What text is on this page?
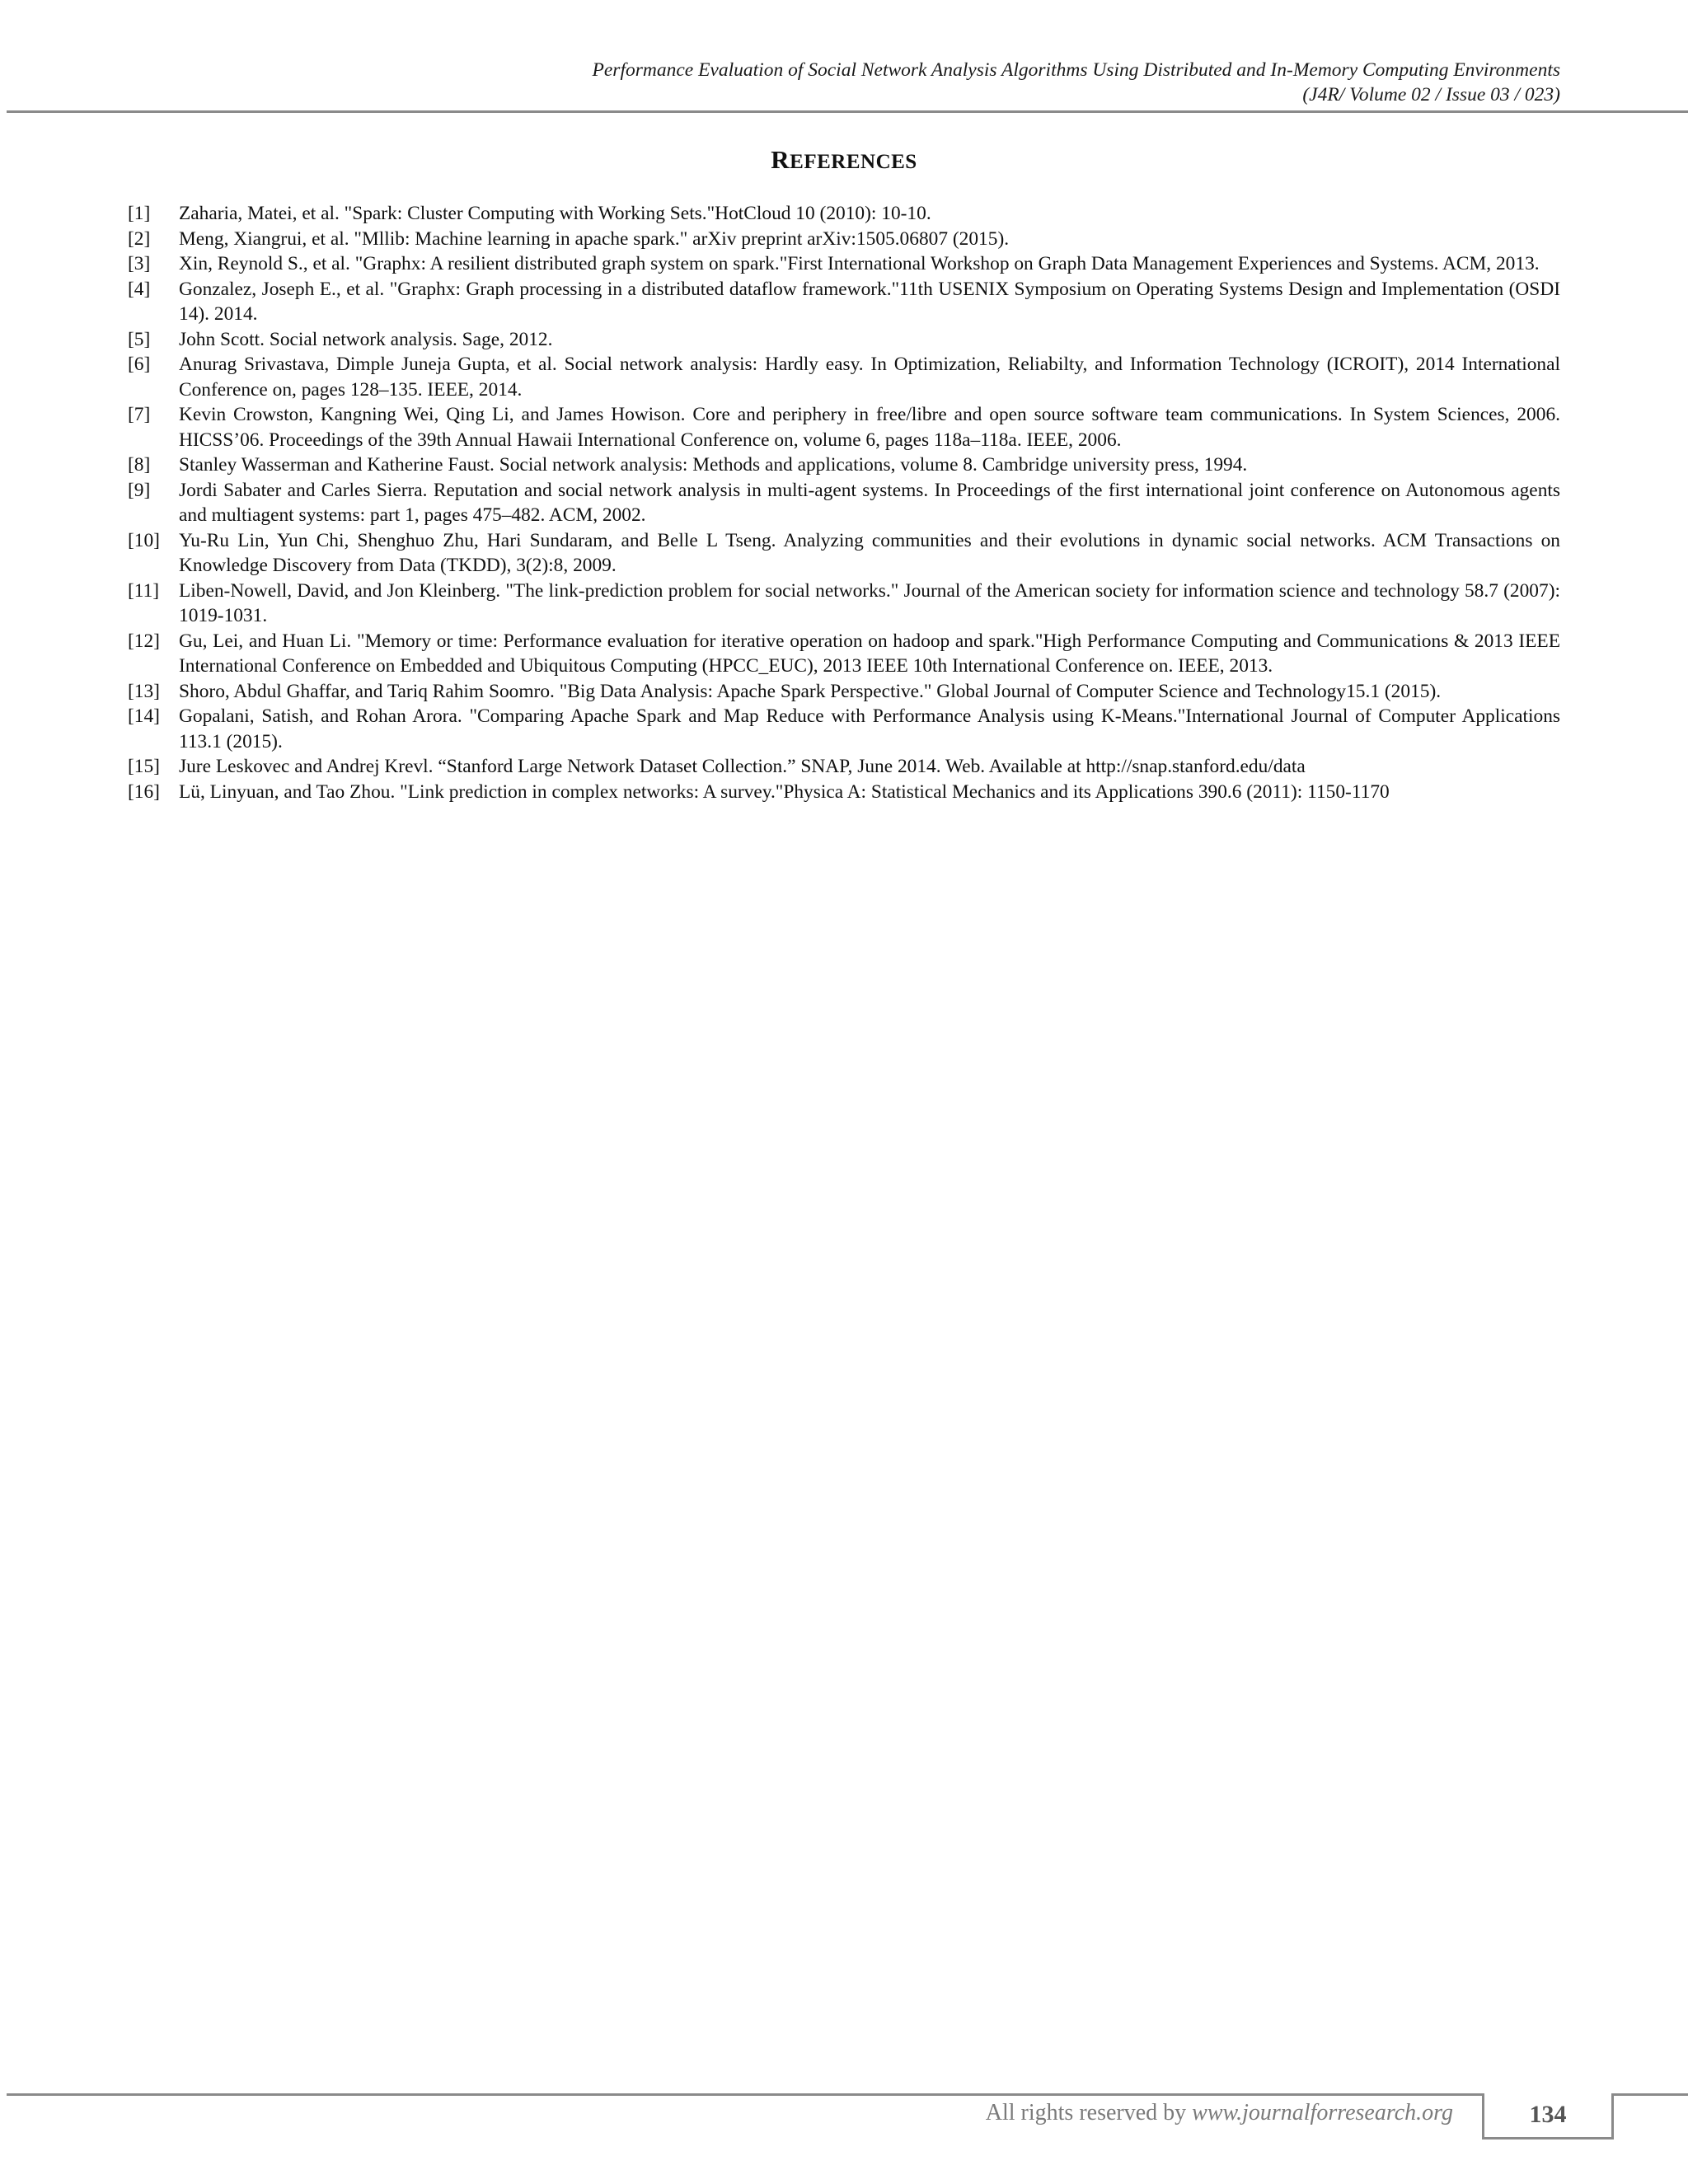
Performance Evaluation of Social Network Analysis Algorithms Using Distributed and In-Memory Computing Environments
(J4R/ Volume 02 / Issue 03 / 023)
REFERENCES
[1]	Zaharia, Matei, et al. "Spark: Cluster Computing with Working Sets."HotCloud 10 (2010): 10-10.
[2]	Meng, Xiangrui, et al. "Mllib: Machine learning in apache spark." arXiv preprint arXiv:1505.06807 (2015).
[3]	Xin, Reynold S., et al. "Graphx: A resilient distributed graph system on spark."First International Workshop on Graph Data Management Experiences and Systems. ACM, 2013.
[4]	Gonzalez, Joseph E., et al. "Graphx: Graph processing in a distributed dataflow framework."11th USENIX Symposium on Operating Systems Design and Implementation (OSDI 14). 2014.
[5]	John Scott. Social network analysis. Sage, 2012.
[6]	Anurag Srivastava, Dimple Juneja Gupta, et al. Social network analysis: Hardly easy. In Optimization, Reliabilty, and Information Technology (ICROIT), 2014 International Conference on, pages 128–135. IEEE, 2014.
[7]	Kevin Crowston, Kangning Wei, Qing Li, and James Howison. Core and periphery in free/libre and open source software team communications. In System Sciences, 2006. HICSS’06. Proceedings of the 39th Annual Hawaii International Conference on, volume 6, pages 118a–118a. IEEE, 2006.
[8]	Stanley Wasserman and Katherine Faust. Social network analysis: Methods and applications, volume 8. Cambridge university press, 1994.
[9]	Jordi Sabater and Carles Sierra. Reputation and social network analysis in multi-agent systems. In Proceedings of the first international joint conference on Autonomous agents and multiagent systems: part 1, pages 475–482. ACM, 2002.
[10] Yu-Ru Lin, Yun Chi, Shenghuo Zhu, Hari Sundaram, and Belle L Tseng. Analyzing communities and their evolutions in dynamic social networks. ACM Transactions on Knowledge Discovery from Data (TKDD), 3(2):8, 2009.
[11]	Liben-Nowell, David, and Jon Kleinberg. "The link-prediction problem for social networks." Journal of the American society for information science and technology 58.7 (2007): 1019-1031.
[12] Gu, Lei, and Huan Li. "Memory or time: Performance evaluation for iterative operation on hadoop and spark."High Performance Computing and Communications & 2013 IEEE International Conference on Embedded and Ubiquitous Computing (HPCC_EUC), 2013 IEEE 10th International Conference on. IEEE, 2013.
[13] Shoro, Abdul Ghaffar, and Tariq Rahim Soomro. "Big Data Analysis: Apache Spark Perspective." Global Journal of Computer Science and Technology15.1 (2015).
[14] Gopalani, Satish, and Rohan Arora. "Comparing Apache Spark and Map Reduce with Performance Analysis using K-Means."International Journal of Computer Applications 113.1 (2015).
[15] Jure Leskovec and Andrej Krevl. “Stanford Large Network Dataset Collection.” SNAP, June 2014. Web. Available at http://snap.stanford.edu/data
[16] Lü, Linyuan, and Tao Zhou. "Link prediction in complex networks: A survey."Physica A: Statistical Mechanics and its Applications 390.6 (2011): 1150-1170
All rights reserved by www.journalforresearch.org	134
